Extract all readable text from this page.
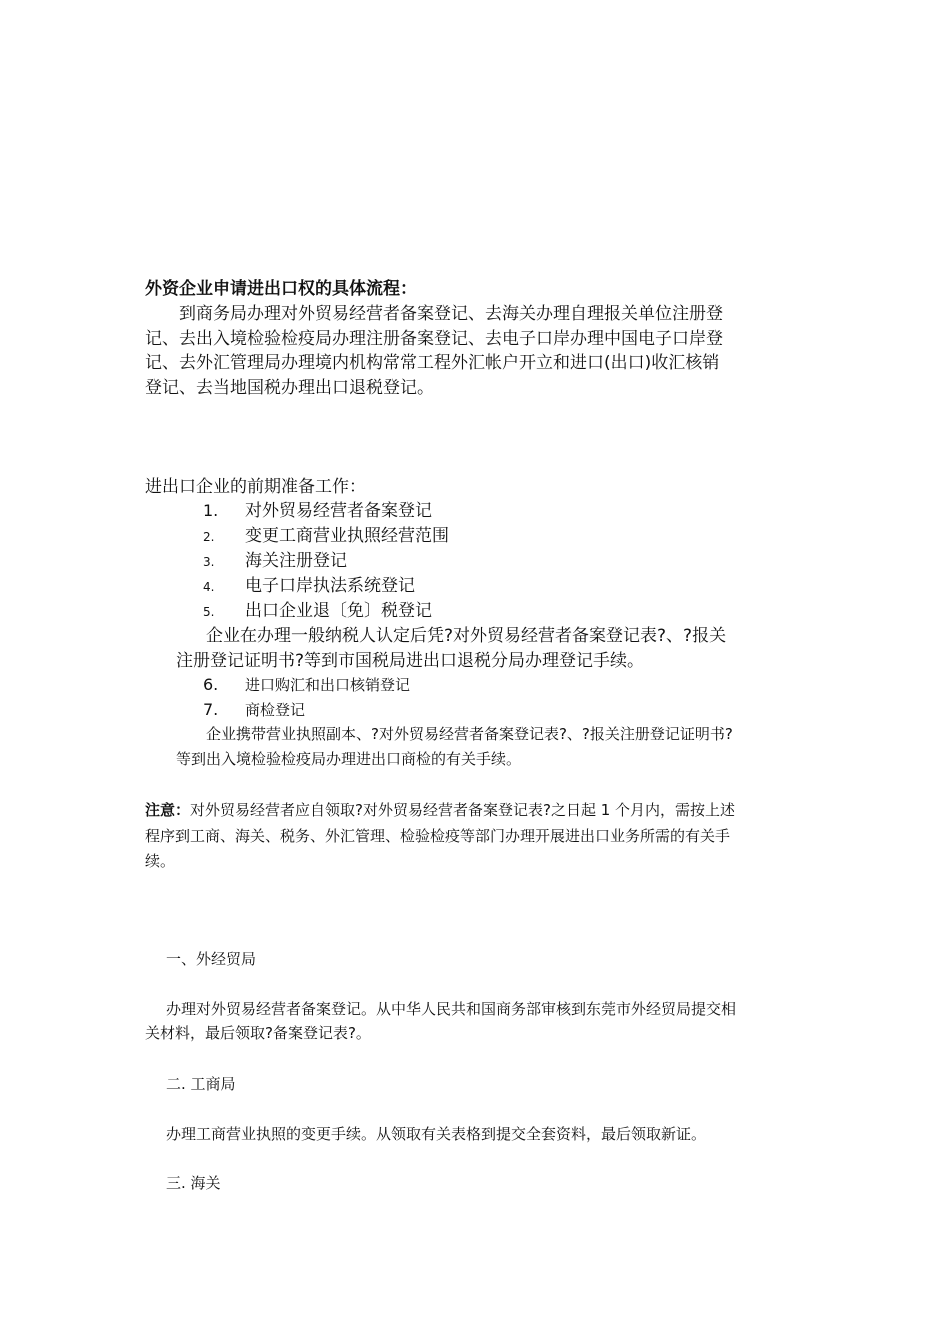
外资企业申请进出口权的具体流程：

到商务局办理对外贸易经营者备案登记、去海关办理自理报关单位注册登
记、去出入境检验检疫局办理注册备案登记、去电子口岸办理中国电子口岸登
记、去外汇管理局办理境内机构常常工程外汇帐户开立和进口(出口)收汇核销
登记、去当地国税办理出口退税登记。

进出口企业的前期准备工作：

1. 对外贸易经营者备案登记
2. 变更工商营业执照经营范围
3. 海关注册登记
4. 电子口岸执法系统登记
5. 出口企业退〔免〕税登记
企业在办理一般纳税人认定后凭?对外贸易经营者备案登记表?、?报关
注册登记证明书?等到市国税局进出口退税分局办理登记手续。
6. 进口购汇和出口核销登记
7. 商检登记
企业携带营业执照副本、?对外贸易经营者备案登记表?、?报关注册登记证明书?
等到出入境检验检疫局办理进出口商检的有关手续。

注意：对外贸易经营者应自领取?对外贸易经营者备案登记表?之日起 1 个月内，需按上述
程序到工商、海关、税务、外汇管理、检验检疫等部门办理开展进出口业务所需的有关手
续。

一、外经贸局
办理对外贸易经营者备案登记。从中华人民共和国商务部审核到东莞市外经贸局提交相
关材料，最后领取?备案登记表?。
二. 工商局
办理工商营业执照的变更手续。从领取有关表格到提交全套资料，最后领取新证。
三. 海关
